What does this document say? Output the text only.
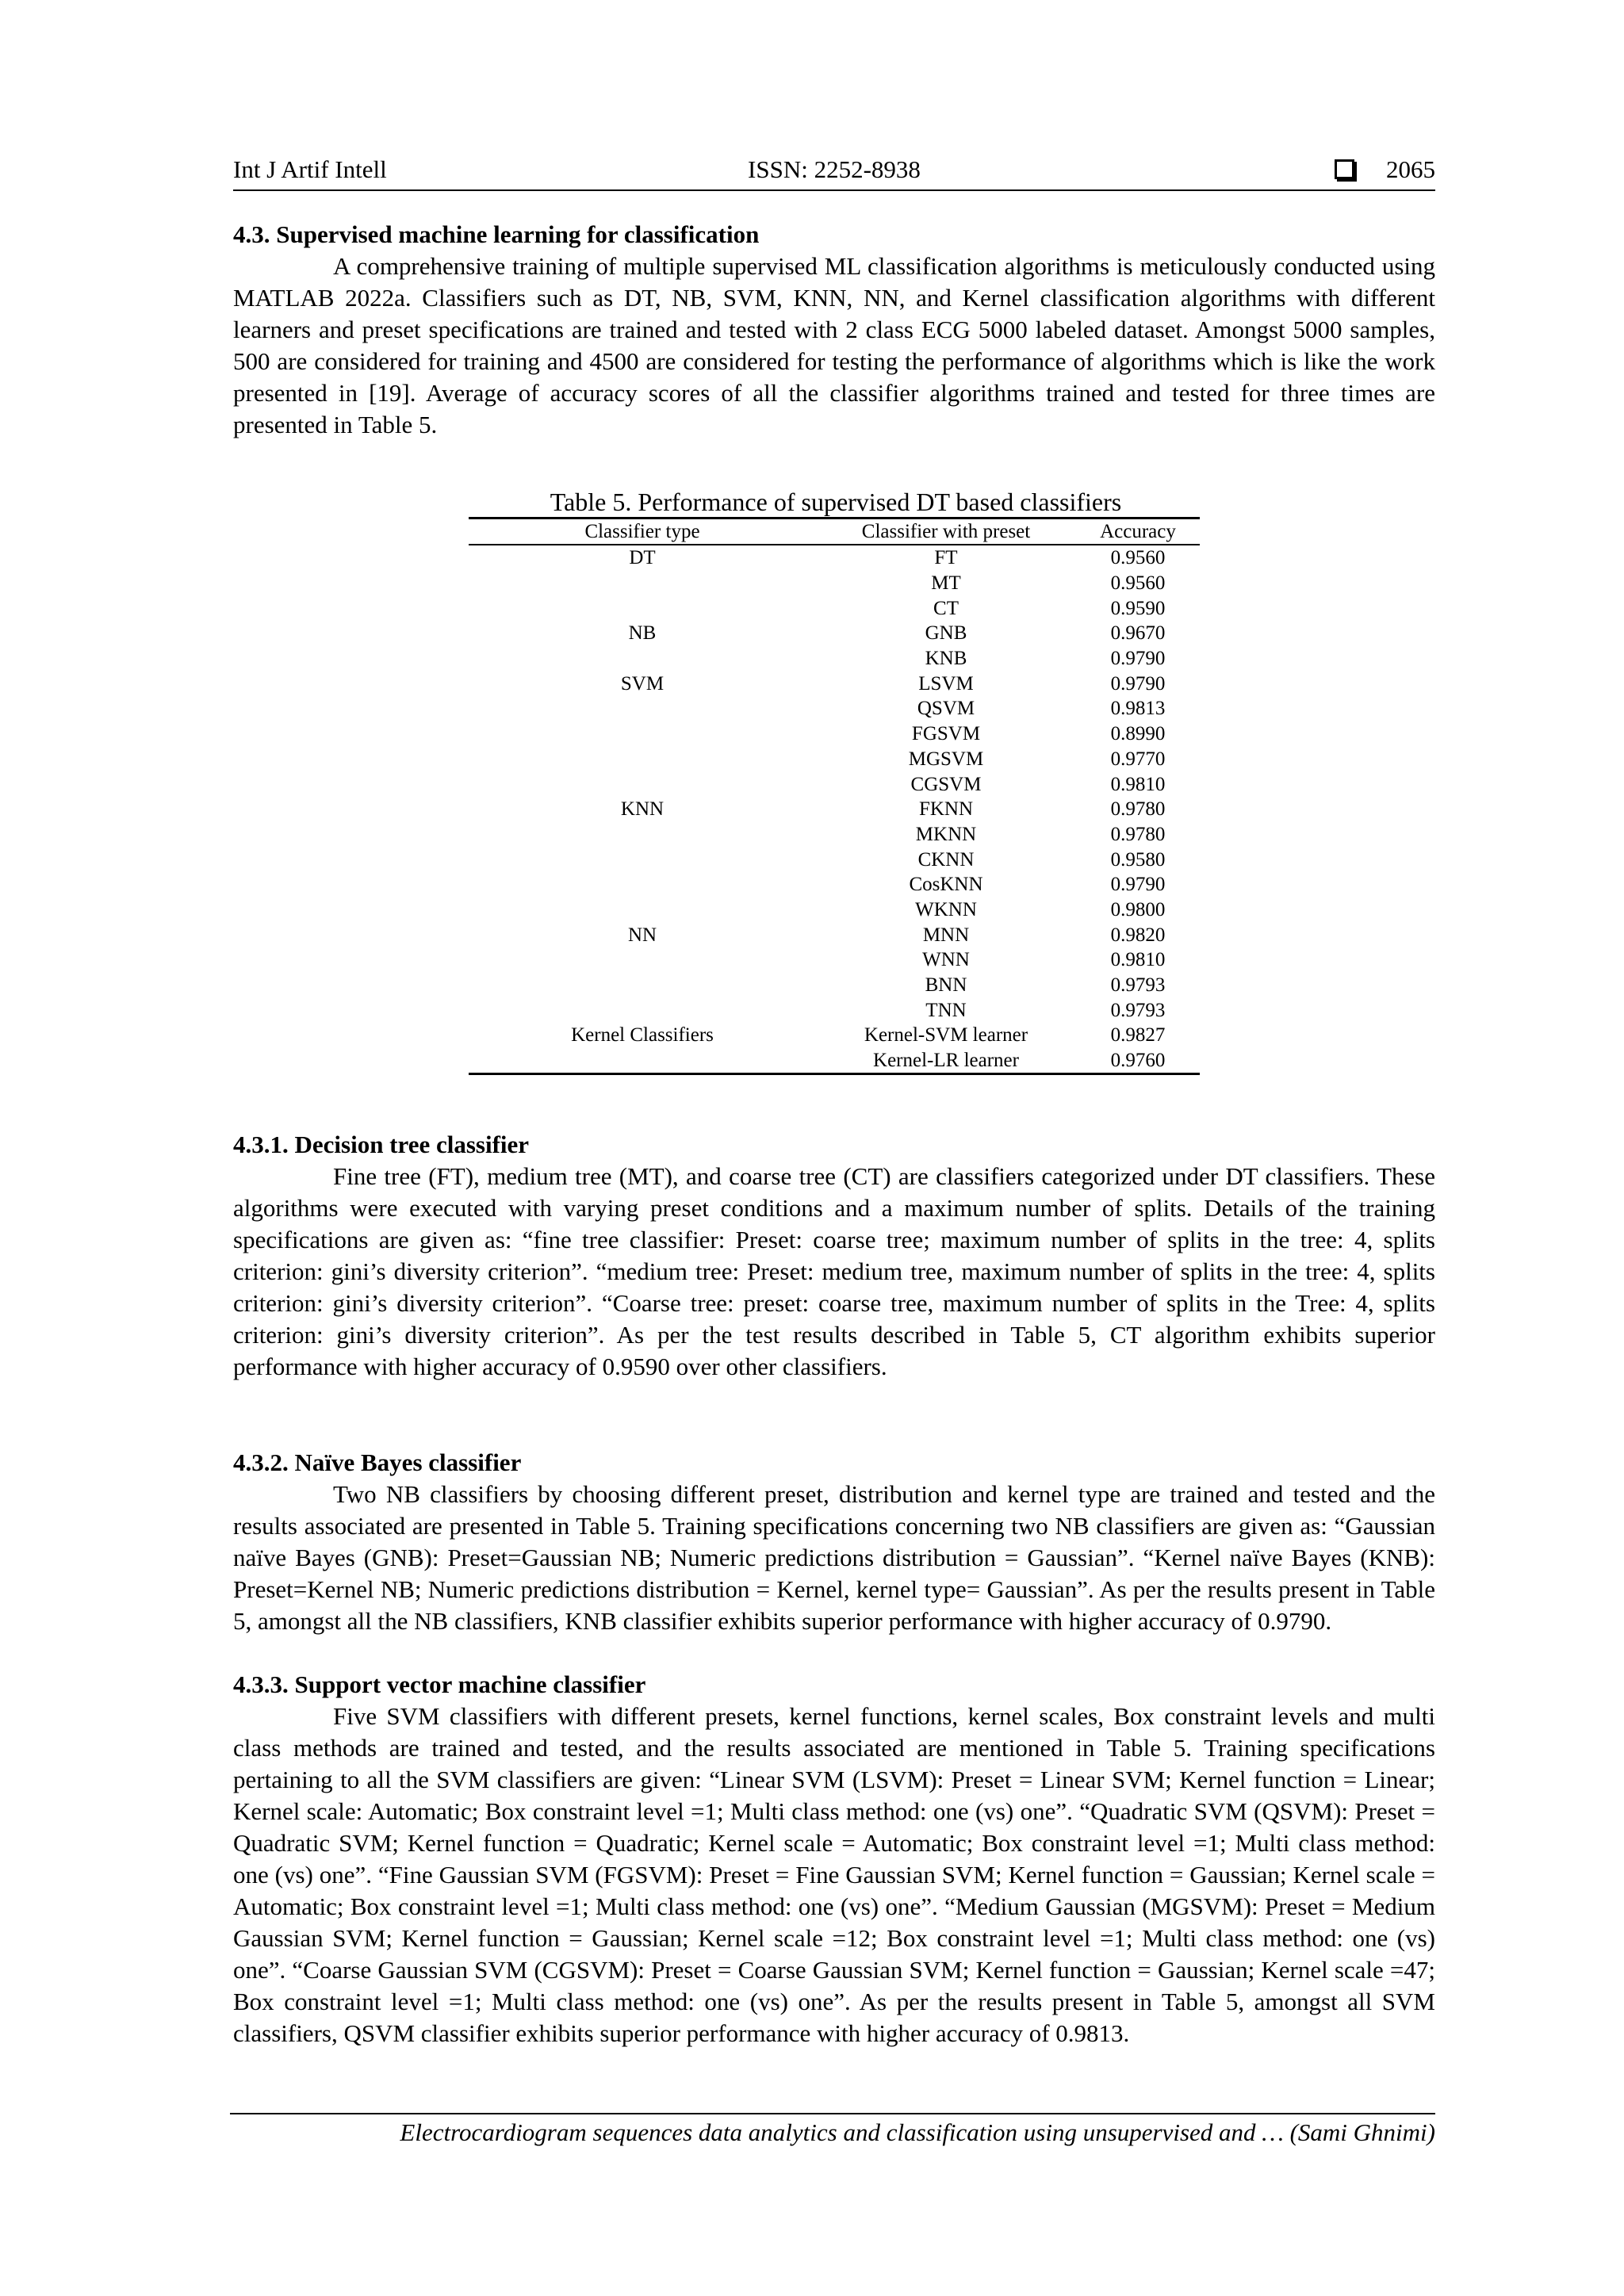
Int J Artif Intell	ISSN: 2252-8938	2065
4.3. Supervised machine learning for classification

A comprehensive training of multiple supervised ML classification algorithms is meticulously conducted using MATLAB 2022a. Classifiers such as DT, NB, SVM, KNN, NN, and Kernel classification algorithms with different learners and preset specifications are trained and tested with 2 class ECG 5000 labeled dataset. Amongst 5000 samples, 500 are considered for training and 4500 are considered for testing the performance of algorithms which is like the work presented in [19]. Average of accuracy scores of all the classifier algorithms trained and tested for three times are presented in Table 5.

Table 5. Performance of supervised DT based classifiers
Classifier type	Classifier with preset	Accuracy
DT	FT	0.9560
	MT	0.9560
	CT	0.9590
NB	GNB	0.9670
	KNB	0.9790
SVM	LSVM	0.9790
	QSVM	0.9813
	FGSVM	0.8990
	MGSVM	0.9770
	CGSVM	0.9810
KNN	FKNN	0.9780
	MKNN	0.9780
	CKNN	0.9580
	CosKNN	0.9790
	WKNN	0.9800
NN	MNN	0.9820
	WNN	0.9810
	BNN	0.9793
	TNN	0.9793
Kernel Classifiers	Kernel-SVM learner	0.9827
	Kernel-LR learner	0.9760
4.3.1. Decision tree classifier

Fine tree (FT), medium tree (MT), and coarse tree (CT) are classifiers categorized under DT classifiers. These algorithms were executed with varying preset conditions and a maximum number of splits. Details of the training specifications are given as: “fine tree classifier: Preset: coarse tree; maximum number of splits in the tree: 4, splits criterion: gini’s diversity criterion”. “medium tree: Preset: medium tree, maximum number of splits in the tree: 4, splits criterion: gini’s diversity criterion”. “Coarse tree: preset: coarse tree, maximum number of splits in the Tree: 4, splits criterion: gini’s diversity criterion”. As per the test results described in Table 5, CT algorithm exhibits superior performance with higher accuracy of 0.9590 over other classifiers.

4.3.2. Naïve Bayes classifier

Two NB classifiers by choosing different preset, distribution and kernel type are trained and tested and the results associated are presented in Table 5. Training specifications concerning two NB classifiers are given as: “Gaussian naïve Bayes (GNB): Preset=Gaussian NB; Numeric predictions distribution = Gaussian”. “Kernel naïve Bayes (KNB): Preset=Kernel NB; Numeric predictions distribution = Kernel, kernel type= Gaussian”. As per the results present in Table 5, amongst all the NB classifiers, KNB classifier exhibits superior performance with higher accuracy of 0.9790.

4.3.3. Support vector machine classifier

Five SVM classifiers with different presets, kernel functions, kernel scales, Box constraint levels and multi class methods are trained and tested, and the results associated are mentioned in Table 5. Training specifications pertaining to all the SVM classifiers are given: “Linear SVM (LSVM): Preset = Linear SVM; Kernel function = Linear; Kernel scale: Automatic; Box constraint level =1; Multi class method: one (vs) one”. “Quadratic SVM (QSVM): Preset = Quadratic SVM; Kernel function = Quadratic; Kernel scale = Automatic; Box constraint level =1; Multi class method: one (vs) one”. “Fine Gaussian SVM (FGSVM): Preset = Fine Gaussian SVM; Kernel function = Gaussian; Kernel scale = Automatic; Box constraint level =1; Multi class method: one (vs) one”. “Medium Gaussian (MGSVM): Preset = Medium Gaussian SVM; Kernel function = Gaussian; Kernel scale =12; Box constraint level =1; Multi class method: one (vs) one”. “Coarse Gaussian SVM (CGSVM): Preset = Coarse Gaussian SVM; Kernel function = Gaussian; Kernel scale =47; Box constraint level =1; Multi class method: one (vs) one”. As per the results present in Table 5, amongst all SVM classifiers, QSVM classifier exhibits superior performance with higher accuracy of 0.9813.

Electrocardiogram sequences data analytics and classification using unsupervised and … (Sami Ghnimi)
